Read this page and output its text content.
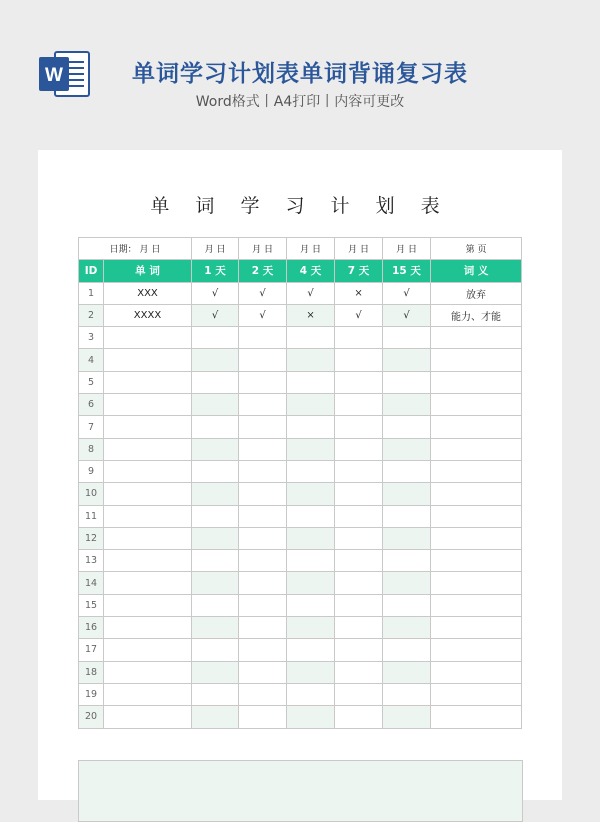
W	单词学习计划表单词背诵复习表
Word格式丨A4打印丨内容可更改
单 词 学 习 计 划 表
日期： 月 日		月 日	月 日	月 日	月 日	月 日	第 页
ID	单 词	1 天	2 天	4 天	7 天	15 天	词 义
1	XXX	√	√	√	×	√	放弃
2	XXXX	√	√	×	√	√	能力、才能
3							
4							
5							
6							
7							
8							
9							
10							
11							
12							
13							
14							
15							
16							
17							
18							
19							
20							
